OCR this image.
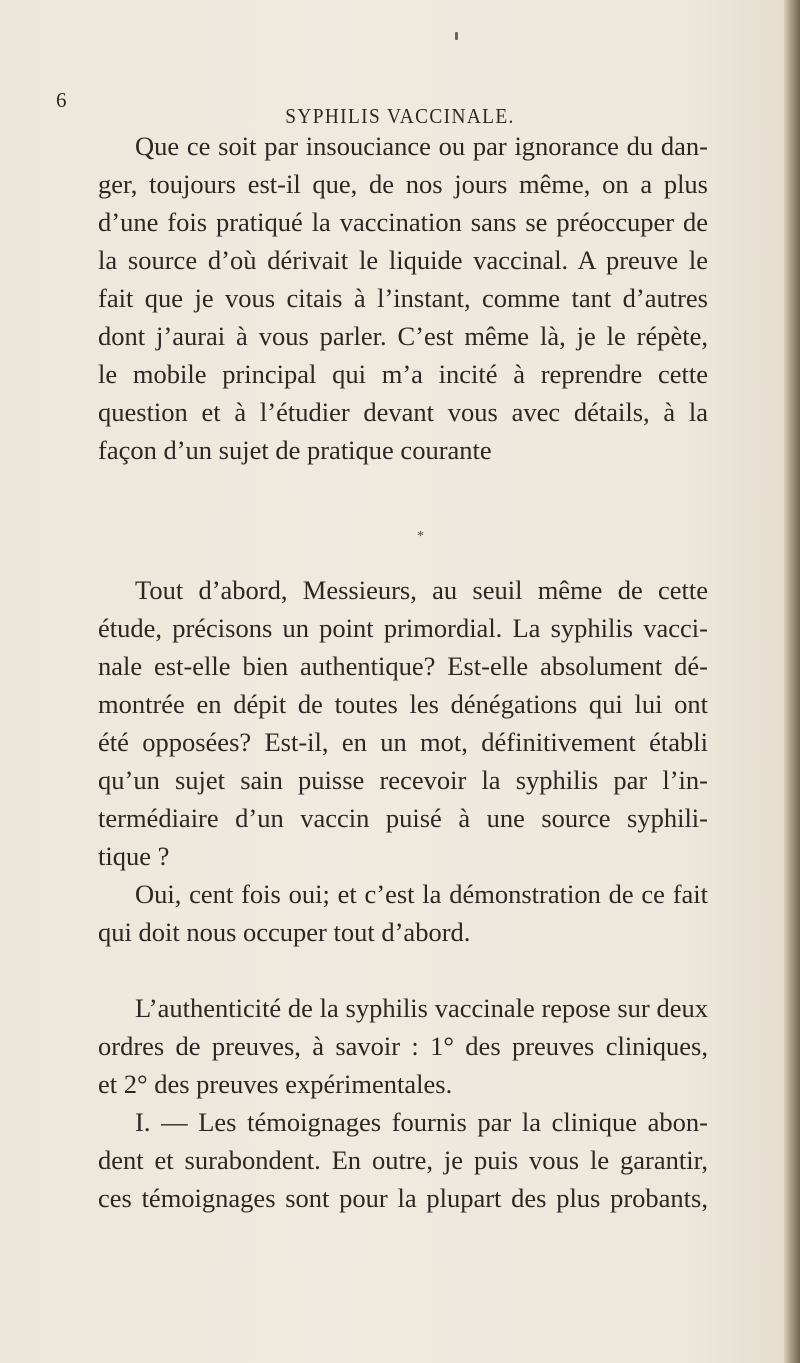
6
SYPHILIS VACCINALE.

Que ce soit par insouciance ou par ignorance du dan-

ger, toujours est-il que, de nos jours même, on a plus

d’une fois pratiqué la vaccination sans se préoccuper de

la source d’où dérivait le liquide vaccinal. A preuve le

fait que je vous citais à l’instant, comme tant d’autres

dont j’aurai à vous parler. C’est même là, je le répète,

le mobile principal qui m’a incité à reprendre cette

question et à l’étudier devant vous avec détails, à la

façon d’un sujet de pratique courante

*

Tout d’abord, Messieurs, au seuil même de cette

étude, précisons un point primordial. La syphilis vacci-

nale est-elle bien authentique? Est-elle absolument dé-

montrée en dépit de toutes les dénégations qui lui ont

été opposées? Est-il, en un mot, définitivement établi

qu’un sujet sain puisse recevoir la syphilis par l’in-

termédiaire d’un vaccin puisé à une source syphili-

tique ?

Oui, cent fois oui; et c’est la démonstration de ce fait

qui doit nous occuper tout d’abord.

L’authenticité de la syphilis vaccinale repose sur deux

ordres de preuves, à savoir : 1° des preuves cliniques,

et 2° des preuves expérimentales.

I. — Les témoignages fournis par la clinique abon-

dent et surabondent. En outre, je puis vous le garantir,

ces témoignages sont pour la plupart des plus probants,
